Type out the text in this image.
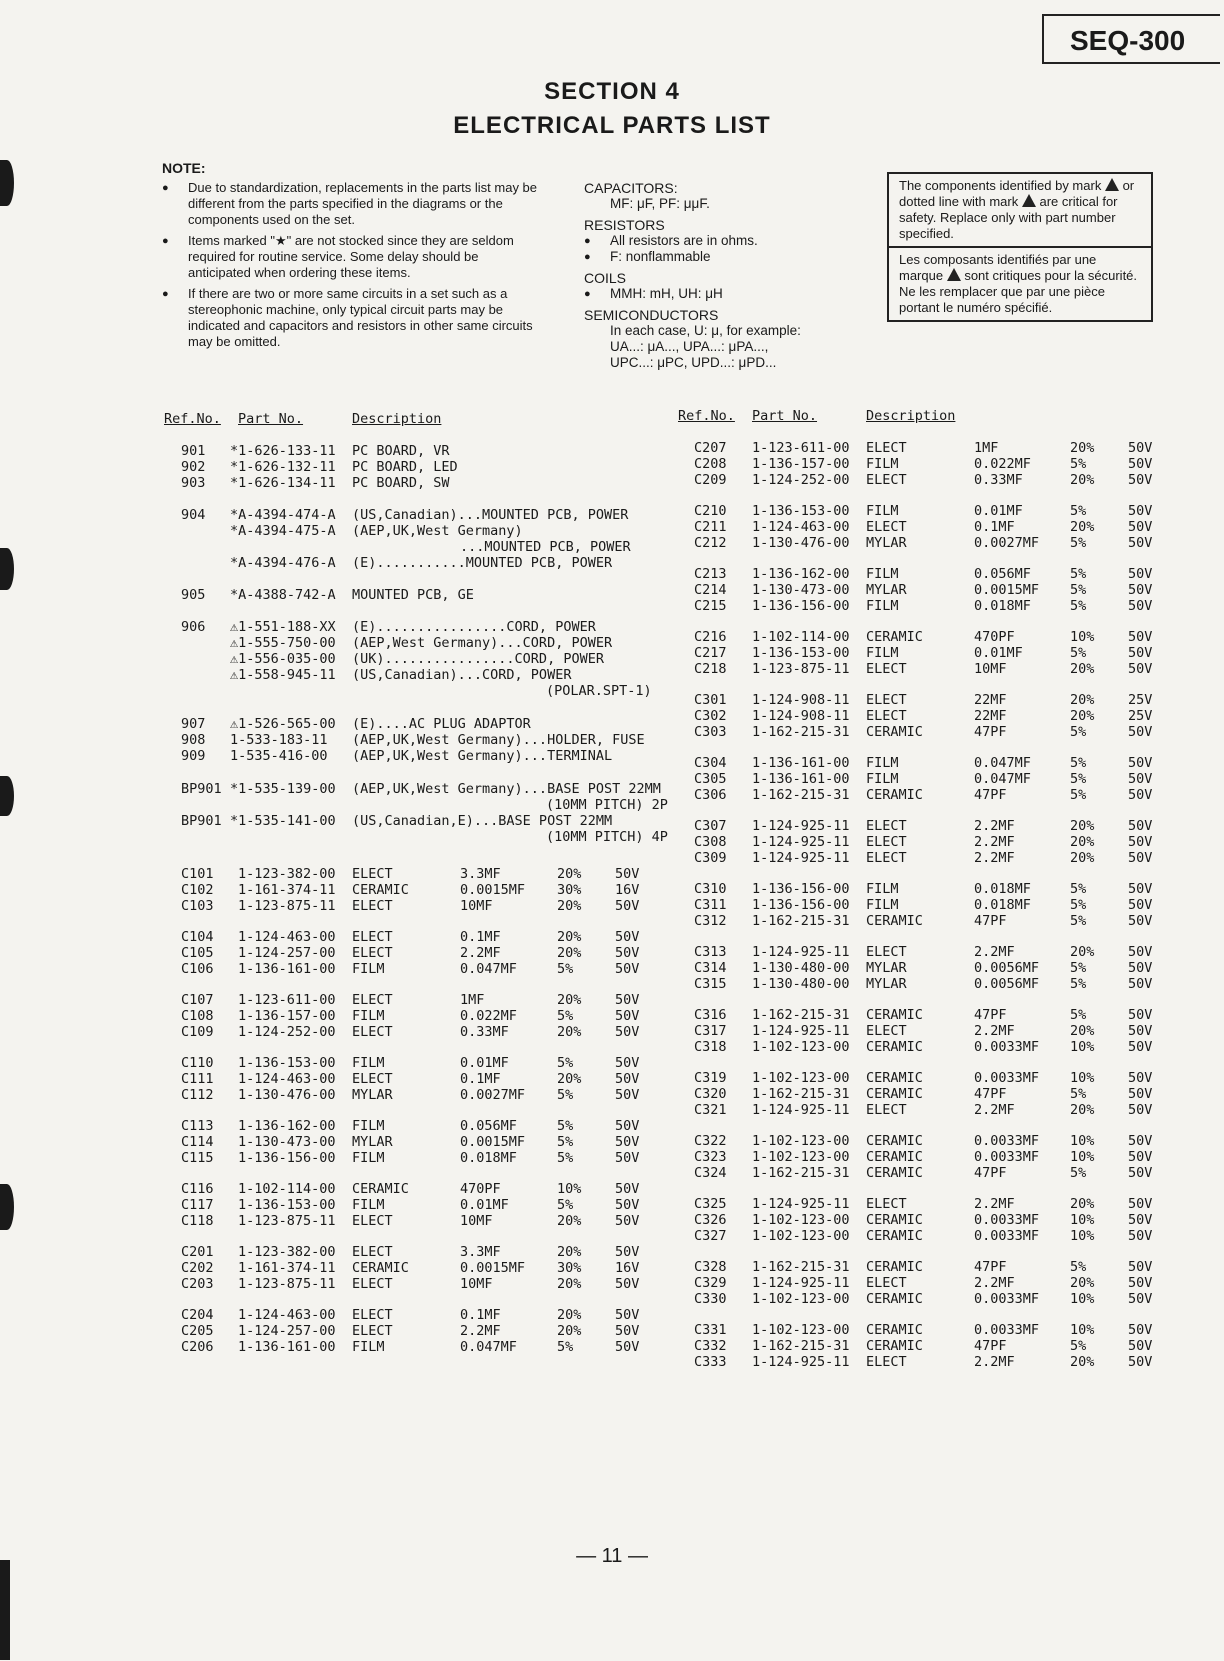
SEQ-300
SECTION 4
ELECTRICAL PARTS LIST
NOTE:
● Due to standardization, replacements in the parts list may be different from the parts specified in the diagrams or the components used on the set.
● Items marked "★" are not stocked since they are seldom required for routine service. Some delay should be anticipated when ordering these items.
● If there are two or more same circuits in a set such as a stereophonic machine, only typical circuit parts may be indicated and capacitors and resistors in other same circuits may be omitted.
CAPACITORS:
MF: μF, PF: μμF.
RESISTORS
● All resistors are in ohms.
● F: nonflammable
COILS
● MMH: mH, UH: μH
SEMICONDUCTORS
In each case, U: μ, for example:
UA...: μA..., UPA...: μPA...,
UPC...: μPC, UPD...: μPD...
The components identified by mark or dotted line with mark are critical for safety. Replace only with part number specified.
Les composants identifiés par une marque sont critiques pour la sécurité. Ne les remplacer que par une pièce portant le numéro spécifié.
Ref.No. Part No.	Description	Ref.No. Part No.	Description
901 *1-626-133-11 PC BOARD, VR
902 *1-626-132-11 PC BOARD, LED
903 *1-626-134-11 PC BOARD, SW
904 *A-4394-474-A (US,Canadian)...MOUNTED PCB, POWER
*A-4394-475-A (AEP,UK,West Germany)
...MOUNTED PCB, POWER
*A-4394-476-A (E)...........MOUNTED PCB, POWER
905 *A-4388-742-A MOUNTED PCB, GE
906 ⚠1-551-188-XX (E)................CORD, POWER
⚠1-555-750-00 (AEP,West Germany)...CORD, POWER
⚠1-556-035-00 (UK)................CORD, POWER
⚠1-558-945-11 (US,Canadian)...CORD, POWER
(POLAR.SPT-1)
907 ⚠1-526-565-00 (E)....AC PLUG ADAPTOR
908 1-533-183-11 (AEP,UK,West Germany)...HOLDER, FUSE
909 1-535-416-00 (AEP,UK,West Germany)...TERMINAL
BP901 *1-535-139-00 (AEP,UK,West Germany)...BASE POST 22MM
(10MM PITCH) 2P
BP901 *1-535-141-00 (US,Canadian,E)...BASE POST 22MM
(10MM PITCH) 4P
C101 1-123-382-00 ELECT	3.3MF	20% 50V
C102 1-161-374-11 CERAMIC	0.0015MF 30% 16V
C103 1-123-875-11 ELECT	10MF	20% 50V
C104 1-124-463-00 ELECT	0.1MF	20% 50V
C105 1-124-257-00 ELECT	2.2MF	20% 50V
C106 1-136-161-00 FILM	0.047MF	5%	50V
C107 1-123-611-00 ELECT	1MF	20% 50V
C108 1-136-157-00 FILM	0.022MF	5%	50V
C109 1-124-252-00 ELECT	0.33MF	20% 50V
C110 1-136-153-00 FILM	0.01MF	5%	50V
C111 1-124-463-00 ELECT	0.1MF	20% 50V
C112 1-130-476-00 MYLAR	0.0027MF 5%	50V
C113 1-136-162-00 FILM	0.056MF	5%	50V
C114 1-130-473-00 MYLAR	0.0015MF 5%	50V
C115 1-136-156-00 FILM	0.018MF	5%	50V
C116 1-102-114-00 CERAMIC	470PF	10% 50V
C117 1-136-153-00 FILM	0.01MF	5%	50V
C118 1-123-875-11 ELECT	10MF	20% 50V
C201 1-123-382-00 ELECT	3.3MF	20% 50V
C202 1-161-374-11 CERAMIC	0.0015MF 30% 16V
C203 1-123-875-11 ELECT	10MF	20% 50V
C204 1-124-463-00 ELECT	0.1MF	20% 50V
C205 1-124-257-00 ELECT	2.2MF	20% 50V
C206 1-136-161-00 FILM	0.047MF	5%	50V
C207 1-123-611-00 ELECT	1MF	20% 50V
C208 1-136-157-00 FILM	0.022MF	5%	50V
C209 1-124-252-00 ELECT	0.33MF	20% 50V
C210 1-136-153-00 FILM	0.01MF	5%	50V
C211 1-124-463-00 ELECT	0.1MF	20% 50V
C212 1-130-476-00 MYLAR	0.0027MF 5%	50V
C213 1-136-162-00 FILM	0.056MF	5%	50V
C214 1-130-473-00 MYLAR	0.0015MF 5%	50V
C215 1-136-156-00 FILM	0.018MF	5%	50V
C216 1-102-114-00 CERAMIC	470PF	10% 50V
C217 1-136-153-00 FILM	0.01MF	5%	50V
C218 1-123-875-11 ELECT	10MF	20% 50V
C301 1-124-908-11 ELECT	22MF	20% 25V
C302 1-124-908-11 ELECT	22MF	20% 25V
C303 1-162-215-31 CERAMIC	47PF	5%	50V
C304 1-136-161-00 FILM	0.047MF	5%	50V
C305 1-136-161-00 FILM	0.047MF	5%	50V
C306 1-162-215-31 CERAMIC	47PF	5%	50V
C307 1-124-925-11 ELECT	2.2MF	20% 50V
C308 1-124-925-11 ELECT	2.2MF	20% 50V
C309 1-124-925-11 ELECT	2.2MF	20% 50V
C310 1-136-156-00 FILM	0.018MF	5%	50V
C311 1-136-156-00 FILM	0.018MF	5%	50V
C312 1-162-215-31 CERAMIC	47PF	5%	50V
C313 1-124-925-11 ELECT	2.2MF	20% 50V
C314 1-130-480-00 MYLAR	0.0056MF 5%	50V
C315 1-130-480-00 MYLAR	0.0056MF 5%	50V
C316 1-162-215-31 CERAMIC	47PF	5%	50V
C317 1-124-925-11 ELECT	2.2MF	20% 50V
C318 1-102-123-00 CERAMIC	0.0033MF 10% 50V
C319 1-102-123-00 CERAMIC	0.0033MF 10% 50V
C320 1-162-215-31 CERAMIC	47PF	5%	50V
C321 1-124-925-11 ELECT	2.2MF	20% 50V
C322 1-102-123-00 CERAMIC	0.0033MF 10% 50V
C323 1-102-123-00 CERAMIC	0.0033MF 10% 50V
C324 1-162-215-31 CERAMIC	47PF	5%	50V
C325 1-124-925-11 ELECT	2.2MF	20% 50V
C326 1-102-123-00 CERAMIC	0.0033MF 10% 50V
C327 1-102-123-00 CERAMIC	0.0033MF 10% 50V
C328 1-162-215-31 CERAMIC	47PF	5%	50V
C329 1-124-925-11 ELECT	2.2MF	20% 50V
C330 1-102-123-00 CERAMIC	0.0033MF 10% 50V
C331 1-102-123-00 CERAMIC	0.0033MF 10% 50V
C332 1-162-215-31 CERAMIC	47PF	5%	50V
C333 1-124-925-11 ELECT	2.2MF	20% 50V
— 11 —
